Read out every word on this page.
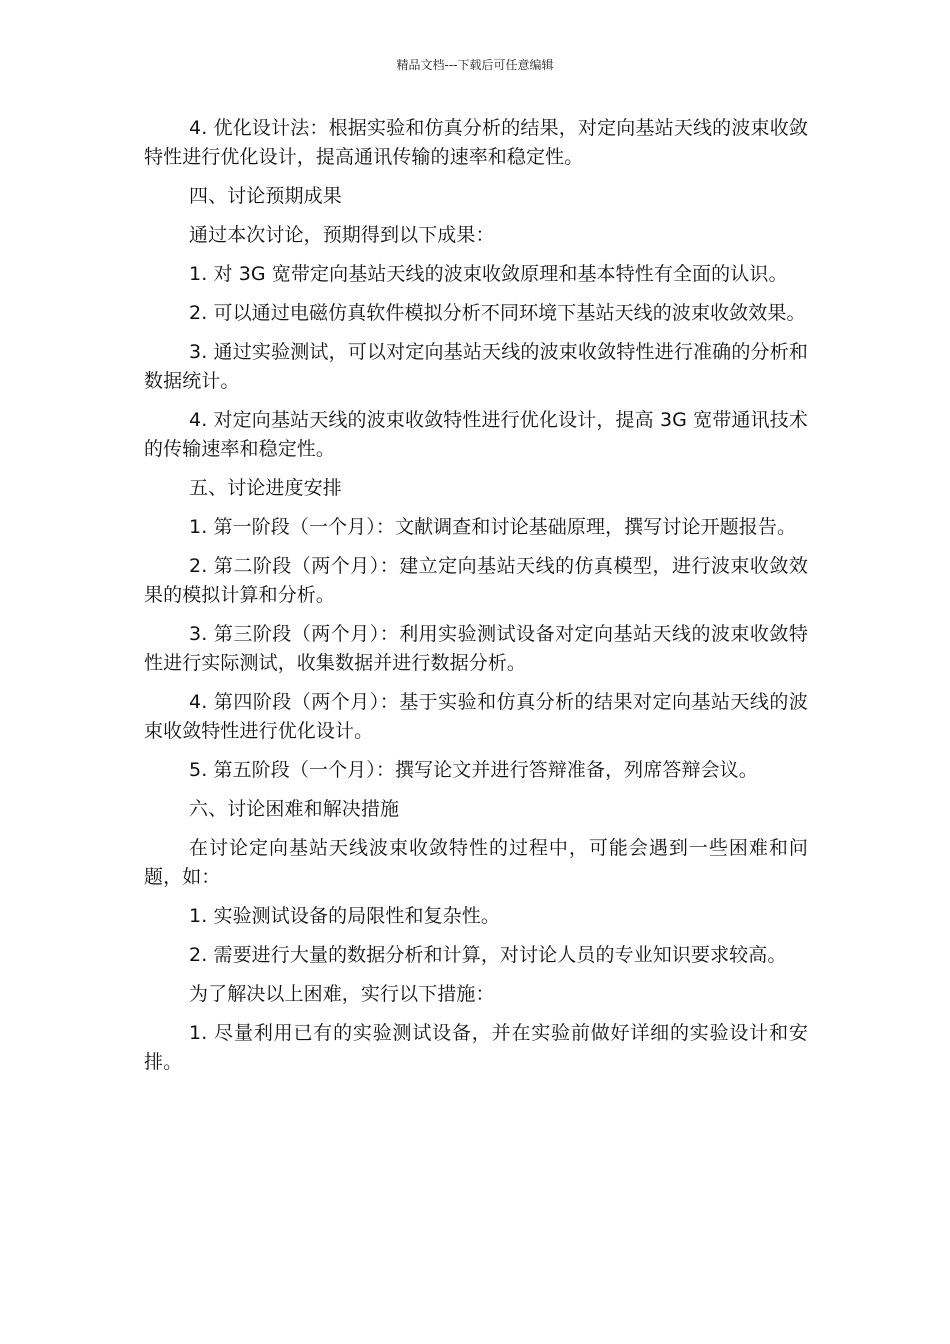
精品文档---下载后可任意编辑

4. 优化设计法：根据实验和仿真分析的结果，对定向基站天线的波束收敛特性进行优化设计，提高通讯传输的速率和稳定性。

四、讨论预期成果

通过本次讨论，预期得到以下成果：

1. 对 3G 宽带定向基站天线的波束收敛原理和基本特性有全面的认识。

2. 可以通过电磁仿真软件模拟分析不同环境下基站天线的波束收敛效果。

3. 通过实验测试，可以对定向基站天线的波束收敛特性进行准确的分析和数据统计。

4. 对定向基站天线的波束收敛特性进行优化设计，提高 3G 宽带通讯技术的传输速率和稳定性。

五、讨论进度安排

1. 第一阶段（一个月）：文献调查和讨论基础原理，撰写讨论开题报告。

2. 第二阶段（两个月）：建立定向基站天线的仿真模型，进行波束收敛效果的模拟计算和分析。

3. 第三阶段（两个月）：利用实验测试设备对定向基站天线的波束收敛特性进行实际测试，收集数据并进行数据分析。

4. 第四阶段（两个月）：基于实验和仿真分析的结果对定向基站天线的波束收敛特性进行优化设计。

5. 第五阶段（一个月）：撰写论文并进行答辩准备，列席答辩会议。

六、讨论困难和解决措施

在讨论定向基站天线波束收敛特性的过程中，可能会遇到一些困难和问题，如：

1. 实验测试设备的局限性和复杂性。

2. 需要进行大量的数据分析和计算，对讨论人员的专业知识要求较高。

为了解决以上困难，实行以下措施：

1. 尽量利用已有的实验测试设备，并在实验前做好详细的实验设计和安排。
